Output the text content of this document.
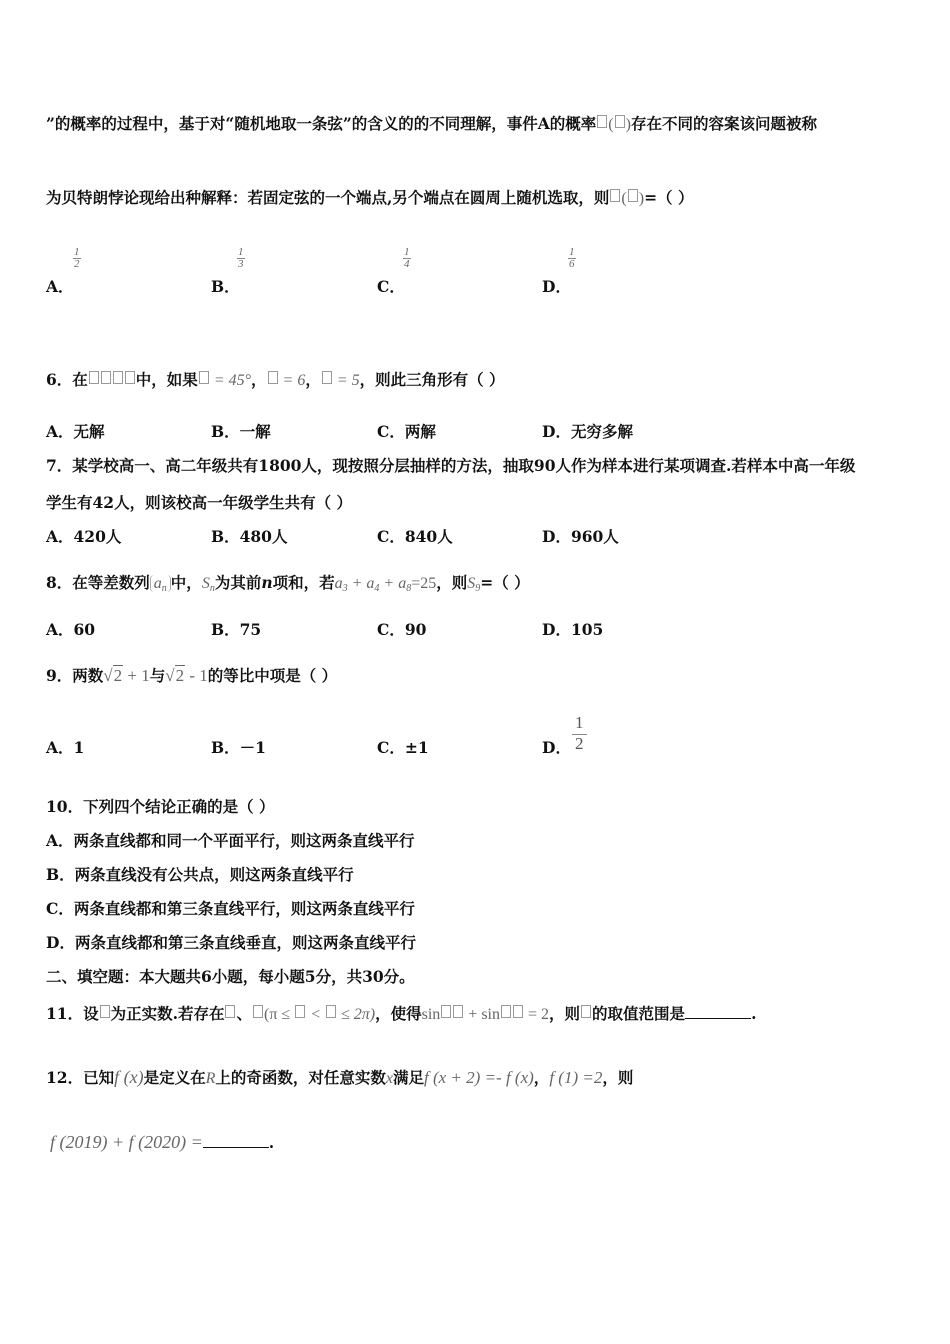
”的概率的过程中，基于对“随机地取一条弦”的含义的的不同理解，事件A的概率 ( )存在不同的容案该问题被称
为贝特朗悖论现给出种解释：若固定弦的一个端点,另个端点在圆周上随机选取，则 ( )=（ ）
A．
$\frac{1}{2}$
B．
$\frac{1}{3}$
C．
$\frac{1}{4}$
D．
$\frac{1}{6}$
6．在	中，如果 = 45°， = 6， = 5，则此三角形有（ ）
A．无解	B．一解	C．两解	D．无穷多解
7．某学校高一、高二年级共有1800人，现按照分层抽样的方法，抽取90人作为样本进行某项调查.若样本中高一年级
学生有42人，则该校高一年级学生共有（ ）
A．420人	B．480人	C．840人	D．960人
8．在等差数列 $a_n$ 中，$S_n$为其前n项和，若$a_3 + a_4 + a_8=25$，则$S_9=$（ ）
A．60	B．75	C．90	D．105
9．两数√2 + 1与√2 - 1的等比中项是（ ）
A．1	B．－1	C．±1	D． $\frac{1}{2}$
10．下列四个结论正确的是（ ）
A．两条直线都和同一个平面平行，则这两条直线平行
B．两条直线没有公共点，则这两条直线平行
C．两条直线都和第三条直线平行，则这两条直线平行
D．两条直线都和第三条直线垂直，则这两条直线平行
二、填空题：本大题共6小题，每小题5分，共30分。
11．设 为正实数.若存在 、 (π ≤  <  ≤ 2π)，使得sin + sin = 2，则 的取值范围是	.
12．已知f (x)是定义在R上的奇函数，对任意实数x满足f (x + 2) =- f (x)，f (1) =2，则
f (2019) + f (2020) =	.
